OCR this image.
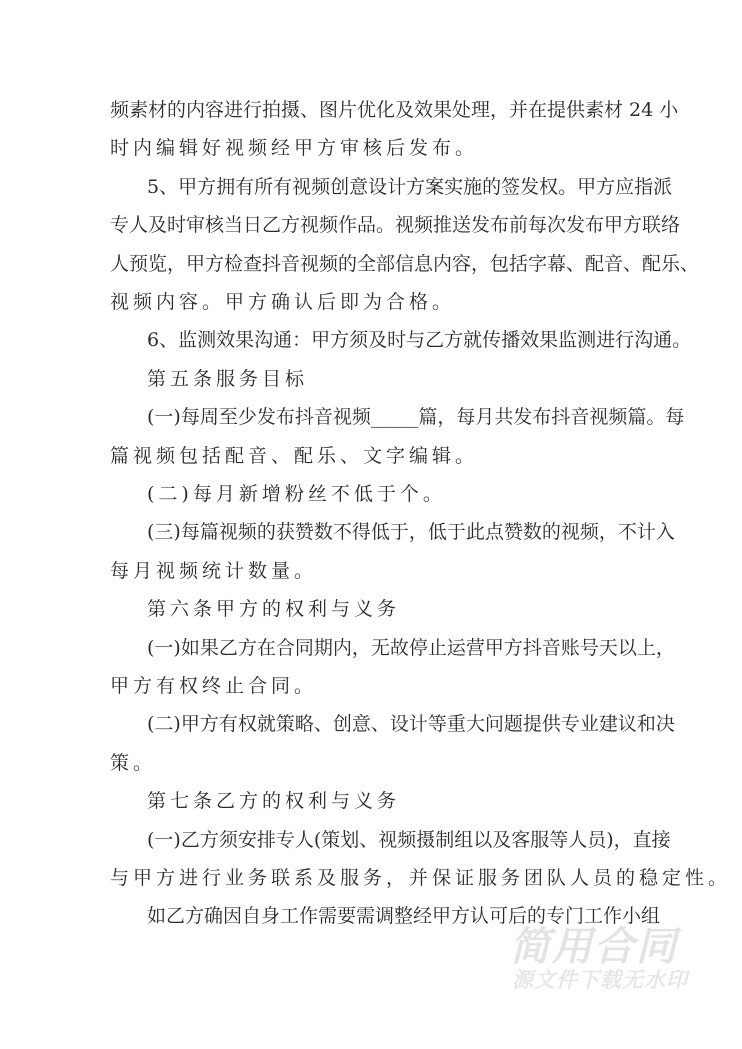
频素材的内容进行拍摄、图片优化及效果处理，并在提供素材 24 小
时内编辑好视频经甲方审核后发布。
5、甲方拥有所有视频创意设计方案实施的签发权。甲方应指派
专人及时审核当日乙方视频作品。视频推送发布前每次发布甲方联络
人预览，甲方检查抖音视频的全部信息内容，包括字幕、配音、配乐、
视频内容。甲方确认后即为合格。
6、监测效果沟通：甲方须及时与乙方就传播效果监测进行沟通。
第五条服务目标
(一)每周至少发布抖音视频_____篇，每月共发布抖音视频篇。每
篇视频包括配音、配乐、文字编辑。
(二)每月新增粉丝不低于个。
(三)每篇视频的获赞数不得低于，低于此点赞数的视频，不计入
每月视频统计数量。
第六条甲方的权利与义务
(一)如果乙方在合同期内，无故停止运营甲方抖音账号天以上，
甲方有权终止合同。
(二)甲方有权就策略、创意、设计等重大问题提供专业建议和决
策。
第七条乙方的权利与义务
(一)乙方须安排专人(策划、视频摄制组以及客服等人员)，直接
与甲方进行业务联系及服务，并保证服务团队人员的稳定性。
如乙方确因自身工作需要需调整经甲方认可后的专门工作小组
简用合同
源文件下载无水印
